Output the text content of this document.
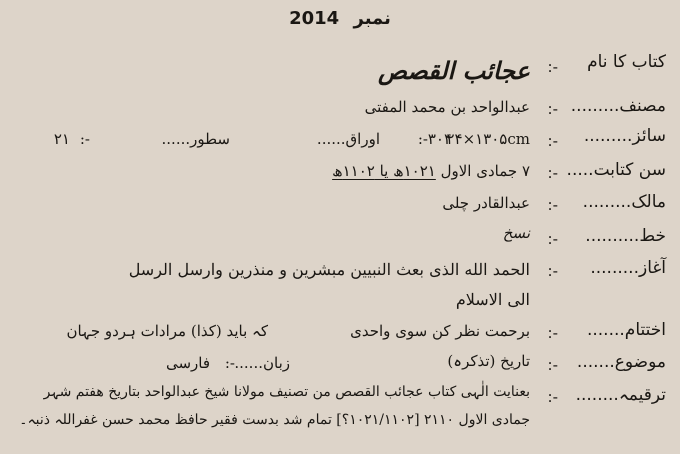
2014 نمبر
کتاب کا نام
:-
عجائب القصص
مصنف.........
:-
عبدالواحد بن محمد المفتی
سائز.........
:-
۲۴×۱۳۰۵cm
اوراق......	:- ۳۰۴
سطور......
:-
۲۱
سن کتابت.....
:-
۷ جمادی الاول ۱۰۲۱ھ یا ۱۱۰۲ھ
مالک.........
:-
عبدالقادر چلی
خط..........
:-
نسخ
آغاز.........
:-
الحمد الله الذی بعث النبیین مبشرین و منذرین وارسل الرسل
الی الاسلام
اختتام.......
:-
برحمت نظر کن سوی واحدی
کہ باید (کذا) مرادات ہردو جہان
موضوع.......
:-
تاریخ (تذکرہ)
زبان......
:-
فارسی
ترقیمہ........
:-
بعنایت الٰہی کتاب عجائب القصص من تصنیف مولانا شیخ عبدالواحد بتاریخ هفتم شہر
جمادی الاول ۲۱۱۰ [۱۰۲۱/۱۱۰۲؟] تمام شد بدست فقیر حافظ محمد حسن غفراللہ ذنبہ۔
